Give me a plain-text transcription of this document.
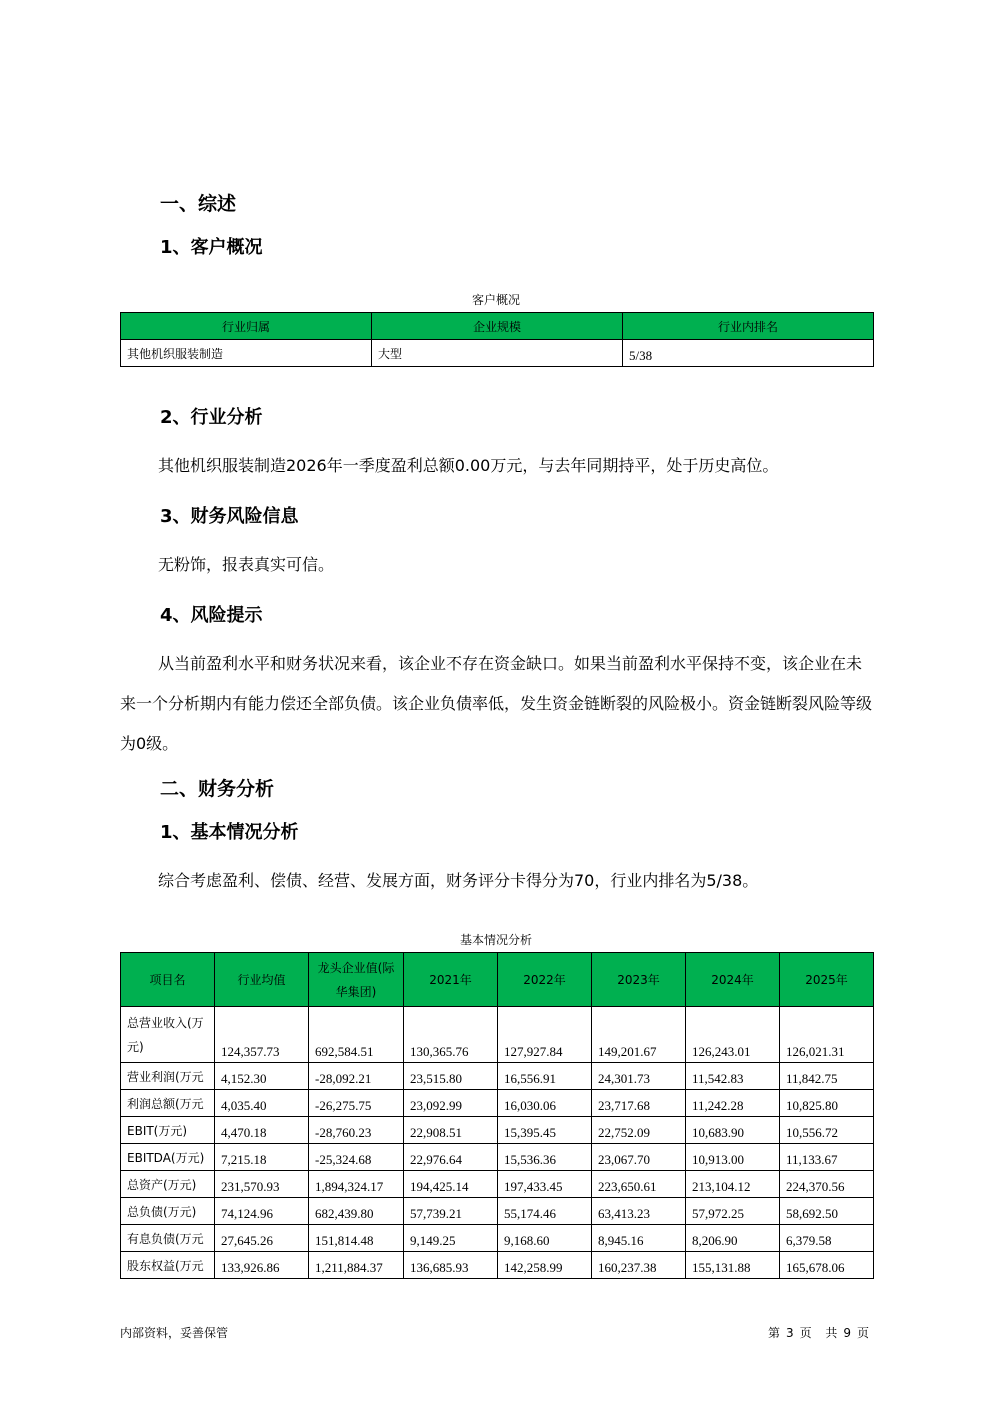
一、综述
1、客户概况
客户概况
行业归属	企业规模	行业内排名
其他机织服装制造	大型	5/38
2、行业分析

其他机织服装制造2026年一季度盈利总额0.00万元，与去年同期持平，处于历史高位。

3、财务风险信息

无粉饰，报表真实可信。

4、风险提示

从当前盈利水平和财务状况来看，该企业不存在资金缺口。如果当前盈利水平保持不变，该企业在未来一个分析期内有能力偿还全部负债。该企业负债率低，发生资金链断裂的风险极小。资金链断裂风险等级为0级。

二、财务分析
1、基本情况分析

综合考虑盈利、偿债、经营、发展方面，财务评分卡得分为70，行业内排名为5/38。

基本情况分析
项目名	行业均值	龙头企业值(际华集团)	2021年	2022年	2023年	2024年	2025年
总营业收入(万元)	124,357.73	692,584.51	130,365.76	127,927.84	149,201.67	126,243.01	126,021.31
营业利润(万元	4,152.30	-28,092.21	23,515.80	16,556.91	24,301.73	11,542.83	11,842.75
利润总额(万元	4,035.40	-26,275.75	23,092.99	16,030.06	23,717.68	11,242.28	10,825.80
EBIT(万元)	4,470.18	-28,760.23	22,908.51	15,395.45	22,752.09	10,683.90	10,556.72
EBITDA(万元)	7,215.18	-25,324.68	22,976.64	15,536.36	23,067.70	10,913.00	11,133.67
总资产(万元)	231,570.93	1,894,324.17	194,425.14	197,433.45	223,650.61	213,104.12	224,370.56
总负债(万元)	74,124.96	682,439.80	57,739.21	55,174.46	63,413.23	57,972.25	58,692.50
有息负债(万元	27,645.26	151,814.48	9,149.25	9,168.60	8,945.16	8,206.90	6,379.58
股东权益(万元	133,926.86	1,211,884.37	136,685.93	142,258.99	160,237.38	155,131.88	165,678.06
内部资料，妥善保管	第 3 页 共 9 页
